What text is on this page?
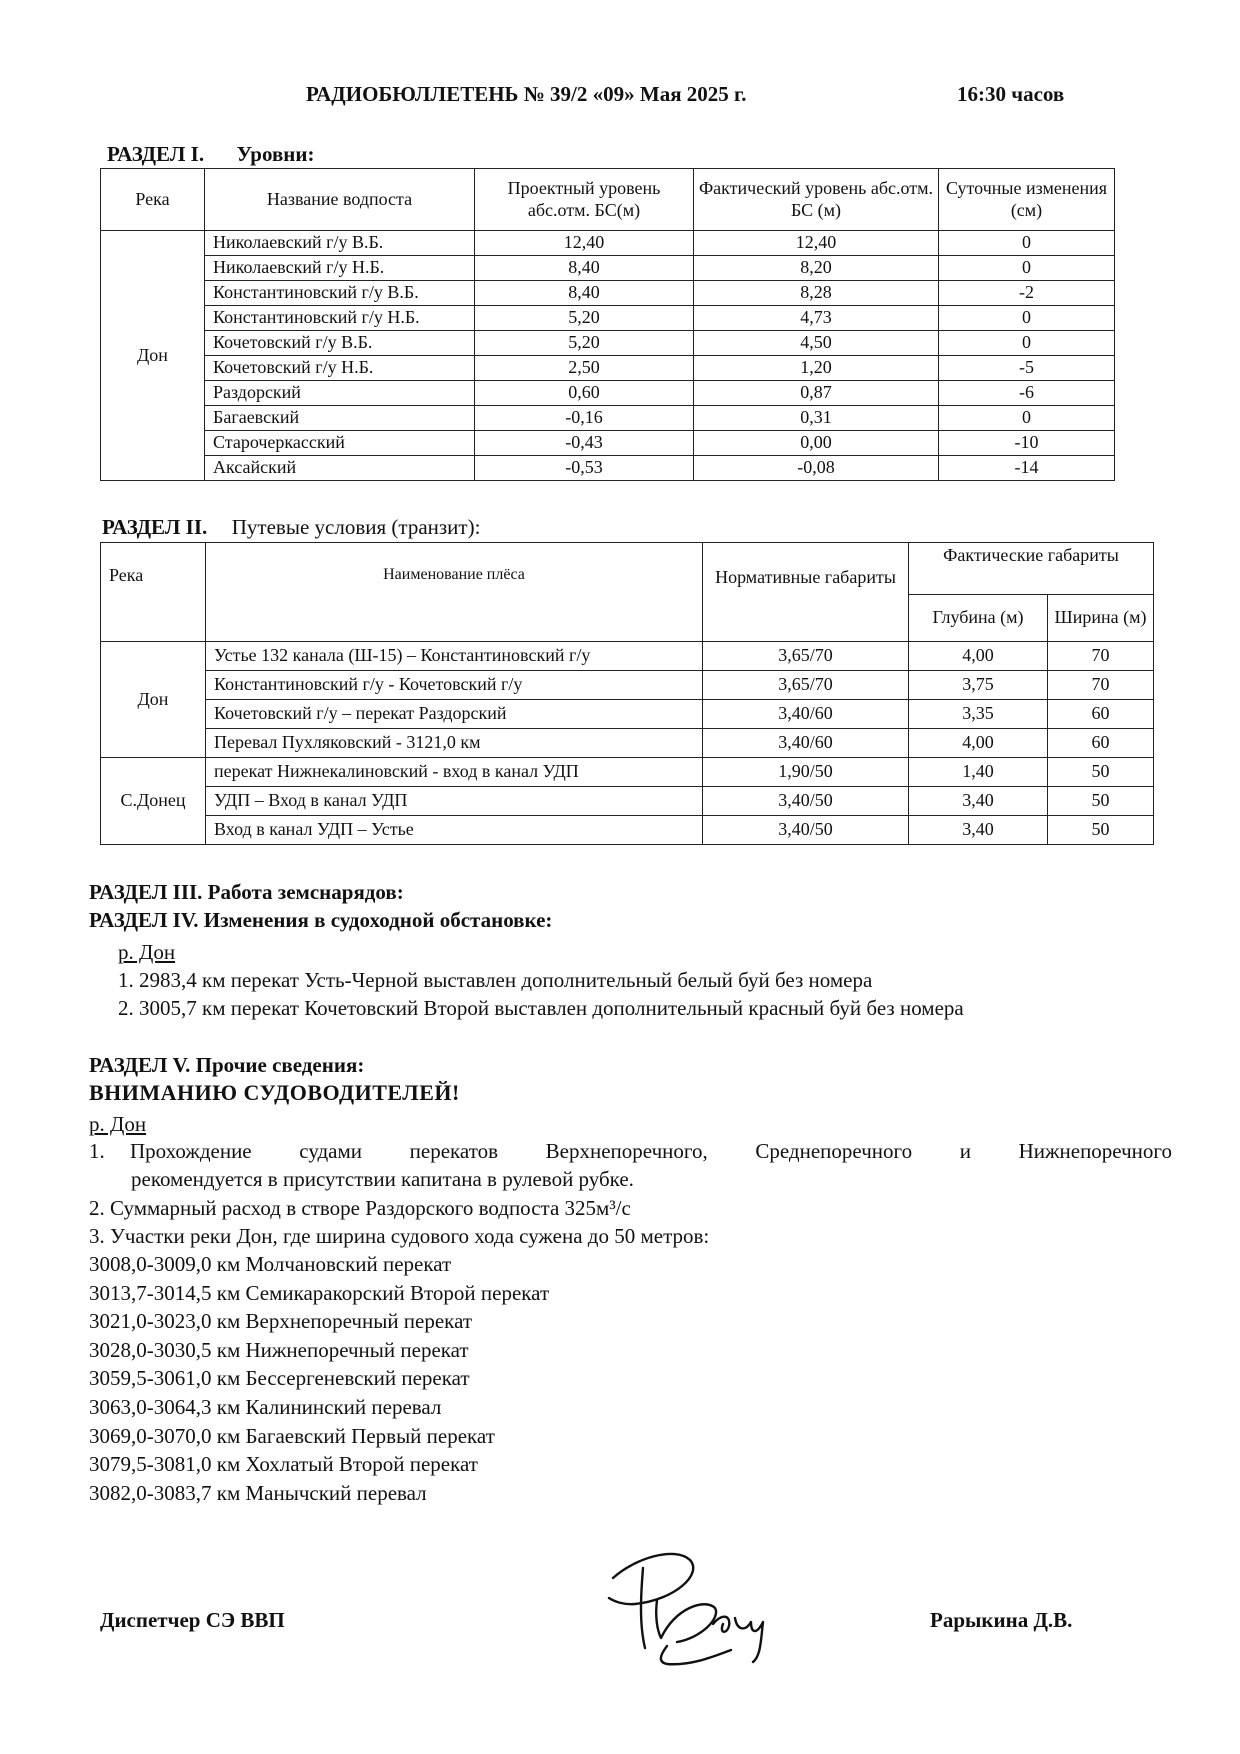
РАДИОБЮЛЛЕТЕНЬ № 39/2 «09» Мая 2025 г.	16:30 часов
РАЗДЕЛ I. Уровни:
Река	Название водпоста	Проектный уровень абс.отм. БС(м)	Фактический уровень абс.отм. БС (м)	Суточные изменения (см)
Дон	Николаевский г/у В.Б.	12,40	12,40	0
	Николаевский г/у Н.Б.	8,40	8,20	0
	Константиновский г/у В.Б.	8,40	8,28	-2
	Константиновский г/у Н.Б.	5,20	4,73	0
	Кочетовский г/у В.Б.	5,20	4,50	0
	Кочетовский г/у Н.Б.	2,50	1,20	-5
	Раздорский	0,60	0,87	-6
	Багаевский	-0,16	0,31	0
	Старочеркасский	-0,43	0,00	-10
	Аксайский	-0,53	-0,08	-14
РАЗДЕЛ II. Путевые условия (транзит):
Река	Наименование плёса	Нормативные габариты	Фактические габариты	
			Глубина (м)	Ширина (м)
Дон	Устье 132 канала (Ш-15) – Константиновский г/у	3,65/70	4,00	70
	Константиновский г/у - Кочетовский г/у	3,65/70	3,75	70
	Кочетовский г/у – перекат Раздорский	3,40/60	3,35	60
	Перевал Пухляковский - 3121,0 км	3,40/60	4,00	60
С.Донец	перекат Нижнекалиновский - вход в канал УДП	1,90/50	1,40	50
	УДП – Вход в канал УДП	3,40/50	3,40	50
	Вход в канал УДП – Устье	3,40/50	3,40	50
РАЗДЕЛ III. Работа земснарядов:
РАЗДЕЛ IV. Изменения в судоходной обстановке:
р. Дон
1. 2983,4 км перекат Усть-Черной выставлен дополнительный белый буй без номера
2. 3005,7 км перекат Кочетовский Второй выставлен дополнительный красный буй без номера
РАЗДЕЛ V. Прочие сведения:
ВНИМАНИЮ СУДОВОДИТЕЛЕЙ!
р. Дон
1. Прохождение судами перекатов Верхнепоречного, Среднепоречного и Нижнепоречного
рекомендуется в присутствии капитана в рулевой рубке.
2. Суммарный расход в створе Раздорского водпоста 325м³/с
3. Участки реки Дон, где ширина судового хода сужена до 50 метров:
3008,0-3009,0 км Молчановский перекат
3013,7-3014,5 км Семикаракорский Второй перекат
3021,0-3023,0 км Верхнепоречный перекат
3028,0-3030,5 км Нижнепоречный перекат
3059,5-3061,0 км Бессергеневский перекат
3063,0-3064,3 км Калининский перевал
3069,0-3070,0 км Багаевский Первый перекат
3079,5-3081,0 км Хохлатый Второй перекат
3082,0-3083,7 км Манычский перевал
Диспетчер СЭ ВВП	Рарыкина Д.В.
